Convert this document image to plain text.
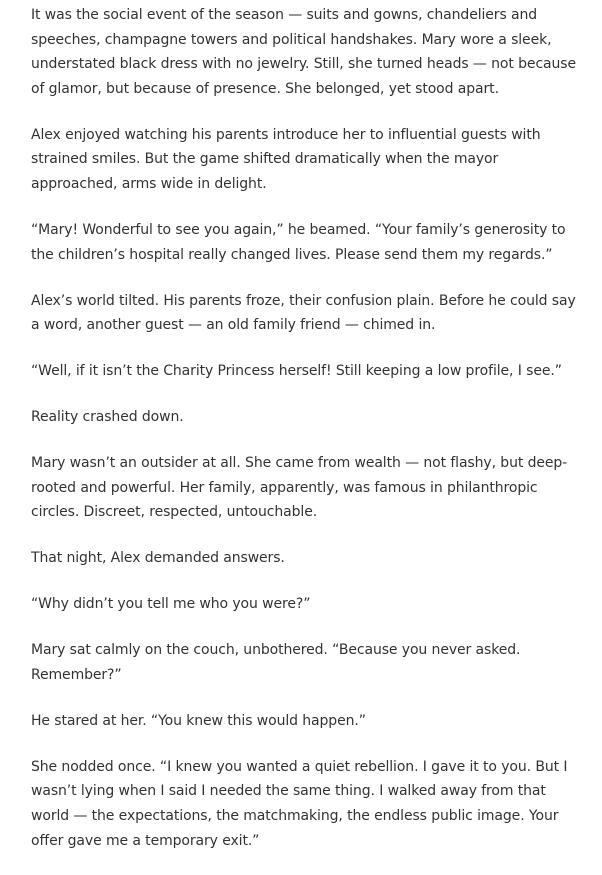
It was the social event of the season — suits and gowns, chandeliers and speeches, champagne towers and political handshakes. Mary wore a sleek, understated black dress with no jewelry. Still, she turned heads — not because of glamor, but because of presence. She belonged, yet stood apart.

Alex enjoyed watching his parents introduce her to influential guests with strained smiles. But the game shifted dramatically when the mayor approached, arms wide in delight.

“Mary! Wonderful to see you again,” he beamed. “Your family’s generosity to the children’s hospital really changed lives. Please send them my regards.”

Alex’s world tilted. His parents froze, their confusion plain. Before he could say a word, another guest — an old family friend — chimed in.

“Well, if it isn’t the Charity Princess herself! Still keeping a low profile, I see.”

Reality crashed down.

Mary wasn’t an outsider at all. She came from wealth — not flashy, but deep-rooted and powerful. Her family, apparently, was famous in philanthropic circles. Discreet, respected, untouchable.

That night, Alex demanded answers.

“Why didn’t you tell me who you were?”

Mary sat calmly on the couch, unbothered. “Because you never asked. Remember?”

He stared at her. “You knew this would happen.”

She nodded once. “I knew you wanted a quiet rebellion. I gave it to you. But I wasn’t lying when I said I needed the same thing. I walked away from that world — the expectations, the matchmaking, the endless public image. Your offer gave me a temporary exit.”
